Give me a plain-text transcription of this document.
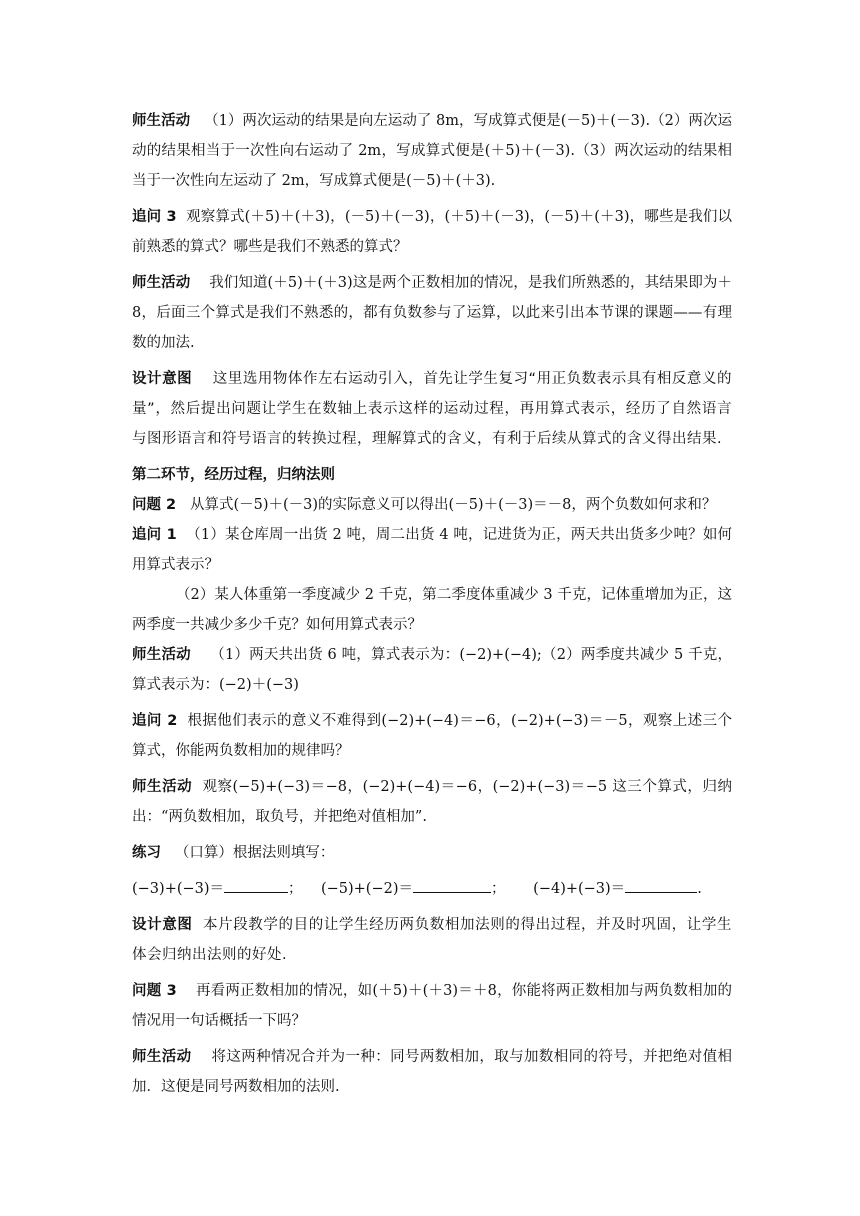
师生活动 （1）两次运动的结果是向左运动了 8m，写成算式便是(－5)＋(－3).（2）两次运动的结果相当于一次性向右运动了 2m，写成算式便是(＋5)＋(－3).（3）两次运动的结果相当于一次性向左运动了 2m，写成算式便是(－5)＋(＋3).

追问 3 观察算式(＋5)＋(＋3)，(－5)＋(－3)，(＋5)＋(－3)，(－5)＋(＋3)，哪些是我们以前熟悉的算式？哪些是我们不熟悉的算式？

师生活动 我们知道(＋5)＋(＋3)这是两个正数相加的情况，是我们所熟悉的，其结果即为＋8，后面三个算式是我们不熟悉的，都有负数参与了运算，以此来引出本节课的课题——有理数的加法.

设计意图 这里选用物体作左右运动引入，首先让学生复习“用正负数表示具有相反意义的量”，然后提出问题让学生在数轴上表示这样的运动过程，再用算式表示，经历了自然语言与图形语言和符号语言的转换过程，理解算式的含义，有利于后续从算式的含义得出结果.

第二环节，经历过程，归纳法则

问题 2 从算式(－5)＋(－3)的实际意义可以得出(－5)＋(－3)＝－8，两个负数如何求和？

追问 1 （1）某仓库周一出货 2 吨，周二出货 4 吨，记进货为正，两天共出货多少吨？如何用算式表示？

（2）某人体重第一季度减少 2 千克，第二季度体重减少 3 千克，记体重增加为正，这两季度一共减少多少千克？如何用算式表示？

师生活动 （1）两天共出货 6 吨，算式表示为：(−2)+(−4);（2）两季度共减少 5 千克，算式表示为：(−2)＋(−3)

追问 2 根据他们表示的意义不难得到(−2)+(−4)＝−6，(−2)+(−3)＝－5，观察上述三个算式，你能两负数相加的规律吗？

师生活动 观察(−5)+(−3)＝−8，(−2)+(−4)＝−6，(−2)+(−3)＝−5 这三个算式，归纳出：“两负数相加，取负号，并把绝对值相加”.

练习 （口算）根据法则填写：

(−3)+(−3)＝	； (−5)+(−2)＝	； (−4)+(−3)＝	.

设计意图 本片段教学的目的让学生经历两负数相加法则的得出过程，并及时巩固，让学生体会归纳出法则的好处.

问题 3 再看两正数相加的情况，如(＋5)＋(＋3)＝＋8，你能将两正数相加与两负数相加的情况用一句话概括一下吗？

师生活动 将这两种情况合并为一种：同号两数相加，取与加数相同的符号，并把绝对值相加．这便是同号两数相加的法则.
